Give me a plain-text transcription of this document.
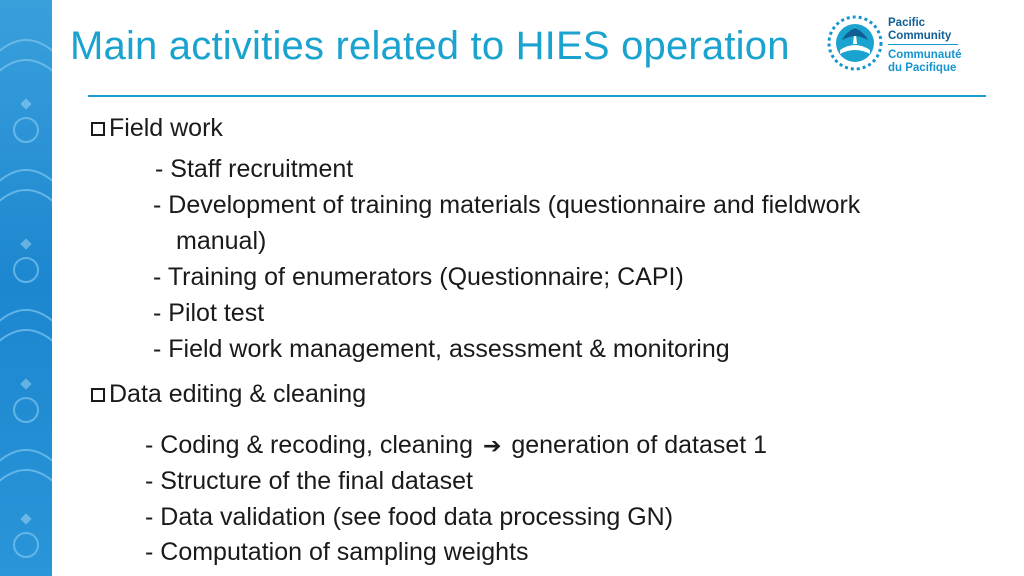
Main activities related to HIES operation
Pacific
Community
Communauté
du Pacifique
Field work
- Staff recruitment
- Development of training materials (questionnaire and fieldwork
manual)
- Training of enumerators (Questionnaire; CAPI)
- Pilot test
- Field work management, assessment & monitoring
Data editing & cleaning
- Coding & recoding, cleaning ➔ generation of dataset 1
- Structure of the final dataset
- Data validation (see food data processing GN)
- Computation of sampling weights
